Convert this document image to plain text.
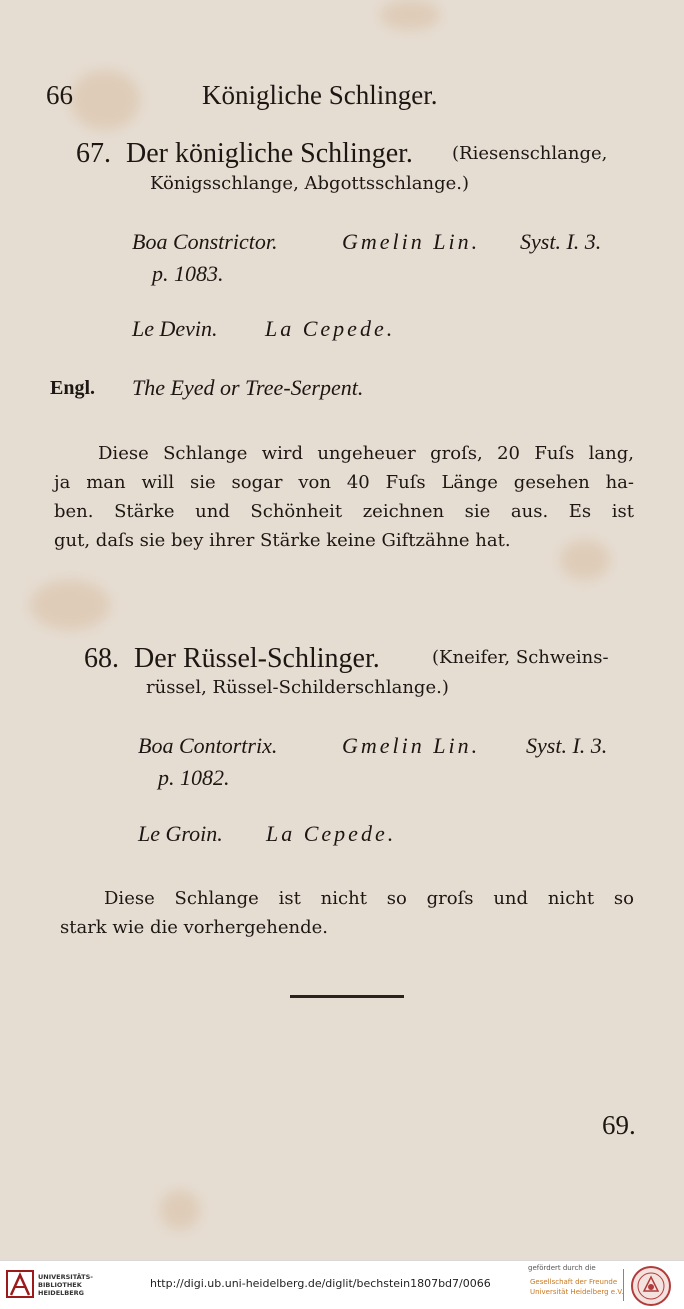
66	Königliche Schlinger.
67. Der königliche Schlinger. (Riesenschlange,
Königsschlange, Abgottsschlange.)
Boa Constrictor.	Gmelin Lin. Syst. I. 3.
p. 1083.
Le Devin. La Cepede.
Engl. The Eyed or Tree-Serpent.
Diese Schlange wird ungeheuer groſs, 20 Fuſs lang,
ja man will sie sogar von 40 Fuſs Länge gesehen ha-
ben. Stärke und Schönheit zeichnen sie aus. Es ist
gut, daſs sie bey ihrer Stärke keine Giftzähne hat.
68. Der Rüssel-Schlinger.	(Kneifer, Schweins-
rüssel, Rüssel-Schilderschlange.)
Boa Contortrix.	Gmelin Lin. Syst. I. 3.
p. 1082.
Le Groin. La Cepede.
Diese Schlange ist nicht so groſs und nicht so
stark wie die vorhergehende.
69.
UNIVERSITÄTS-
BIBLIOTHEK
HEIDELBERG
http://digi.ub.uni-heidelberg.de/diglit/bechstein1807bd7/0066
gefördert durch die
Gesellschaft der Freunde
Universität Heidelberg e.V.
